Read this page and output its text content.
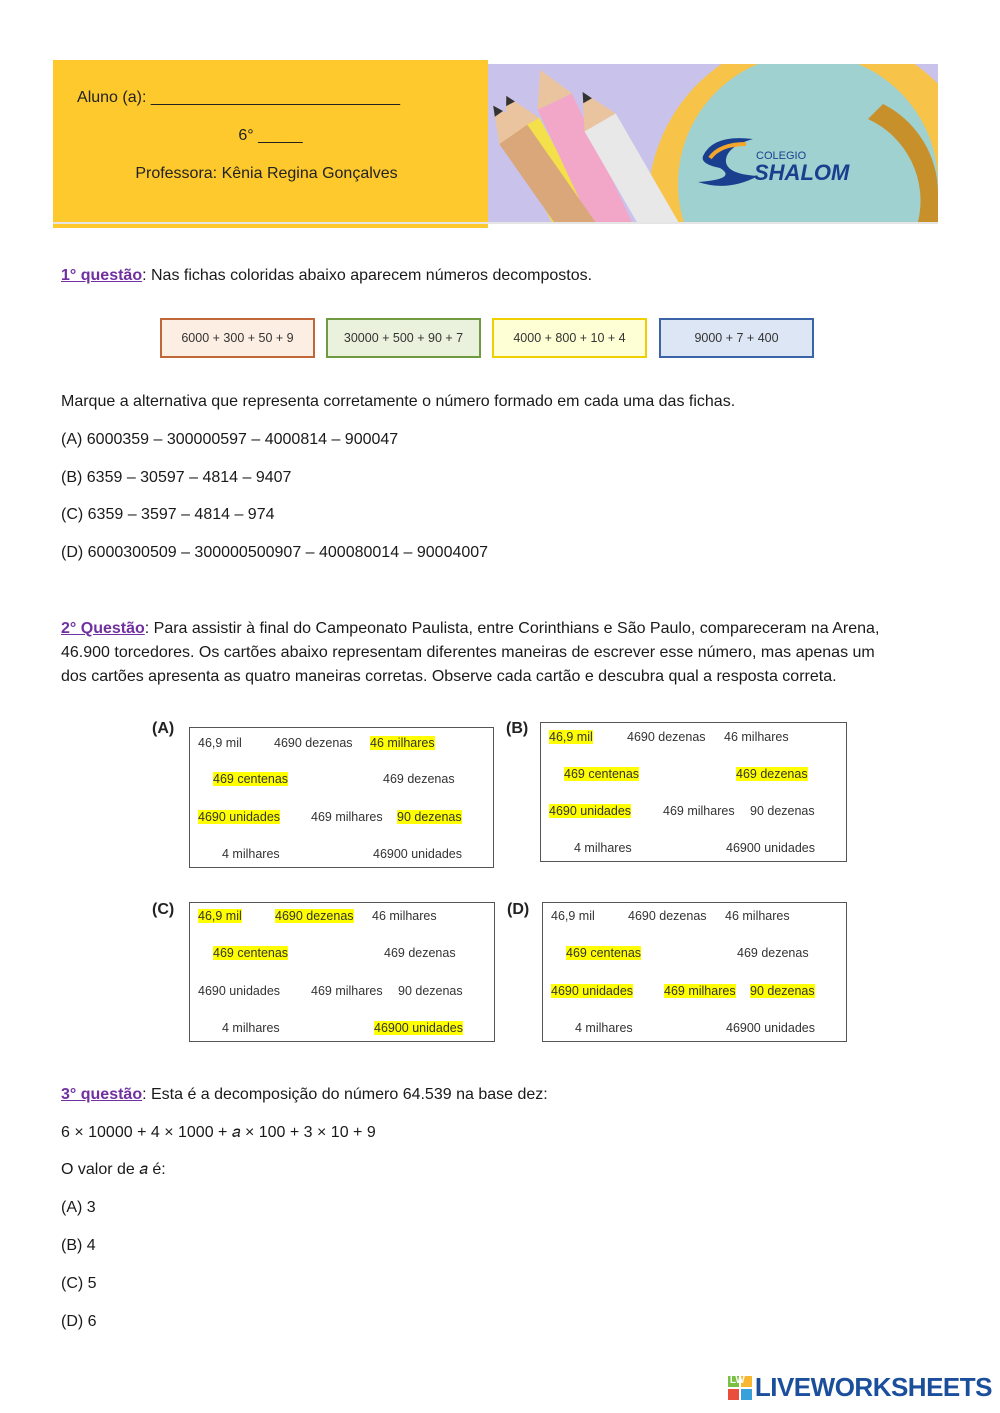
Aluno (a): ____________________________
6° _____
Professora: Kênia Regina Gonçalves
COLEGIO
SHALOM
1° questão: Nas fichas coloridas abaixo aparecem números decompostos.
6000 + 300 + 50 + 9	30000 + 500 + 90 + 7	4000 + 800 + 10 + 4	9000 + 7 + 400
Marque a alternativa que representa corretamente o número formado em cada uma das fichas.
(A) 6000359 – 300000597 – 4000814 – 900047
(B) 6359 – 30597 – 4814 – 9407
(C) 6359 – 3597 – 4814 – 974
(D) 6000300509 – 300000500907 – 400080014 – 90004007
2° Questão: Para assistir à final do Campeonato Paulista, entre Corinthians e São Paulo, compareceram na Arena,
46.900 torcedores. Os cartões abaixo representam diferentes maneiras de escrever esse número, mas apenas um
dos cartões apresenta as quatro maneiras corretas. Observe cada cartão e descubra qual a resposta correta.
(A)
46,9 mil	4690 dezenas 46 milhares
469 centenas	469 dezenas
4690 unidades 469 milhares 90 dezenas
4 milhares	46900 unidades
(B) 46,9 mil	4690 dezenas 46 milhares
469 centenas	469 dezenas
4690 unidades	469 milhares 90 dezenas
4 milhares	46900 unidades
(C) 46,9 mil	4690 dezenas 46 milhares
469 centenas	469 dezenas
4690 unidades 469 milhares 90 dezenas
4 milhares	46900 unidades
(D) 46,9 mil	4690 dezenas 46 milhares
469 centenas	469 dezenas
4690 unidades 469 milhares 90 dezenas
4 milhares	46900 unidades
3° questão: Esta é a decomposição do número 64.539 na base dez:
6 × 10000 + 4 × 1000 + 𝑎 × 100 + 3 × 10 + 9
O valor de 𝑎 é:
(A) 3
(B) 4
(C) 5
(D) 6
LW LIVEWORKSHEETS
